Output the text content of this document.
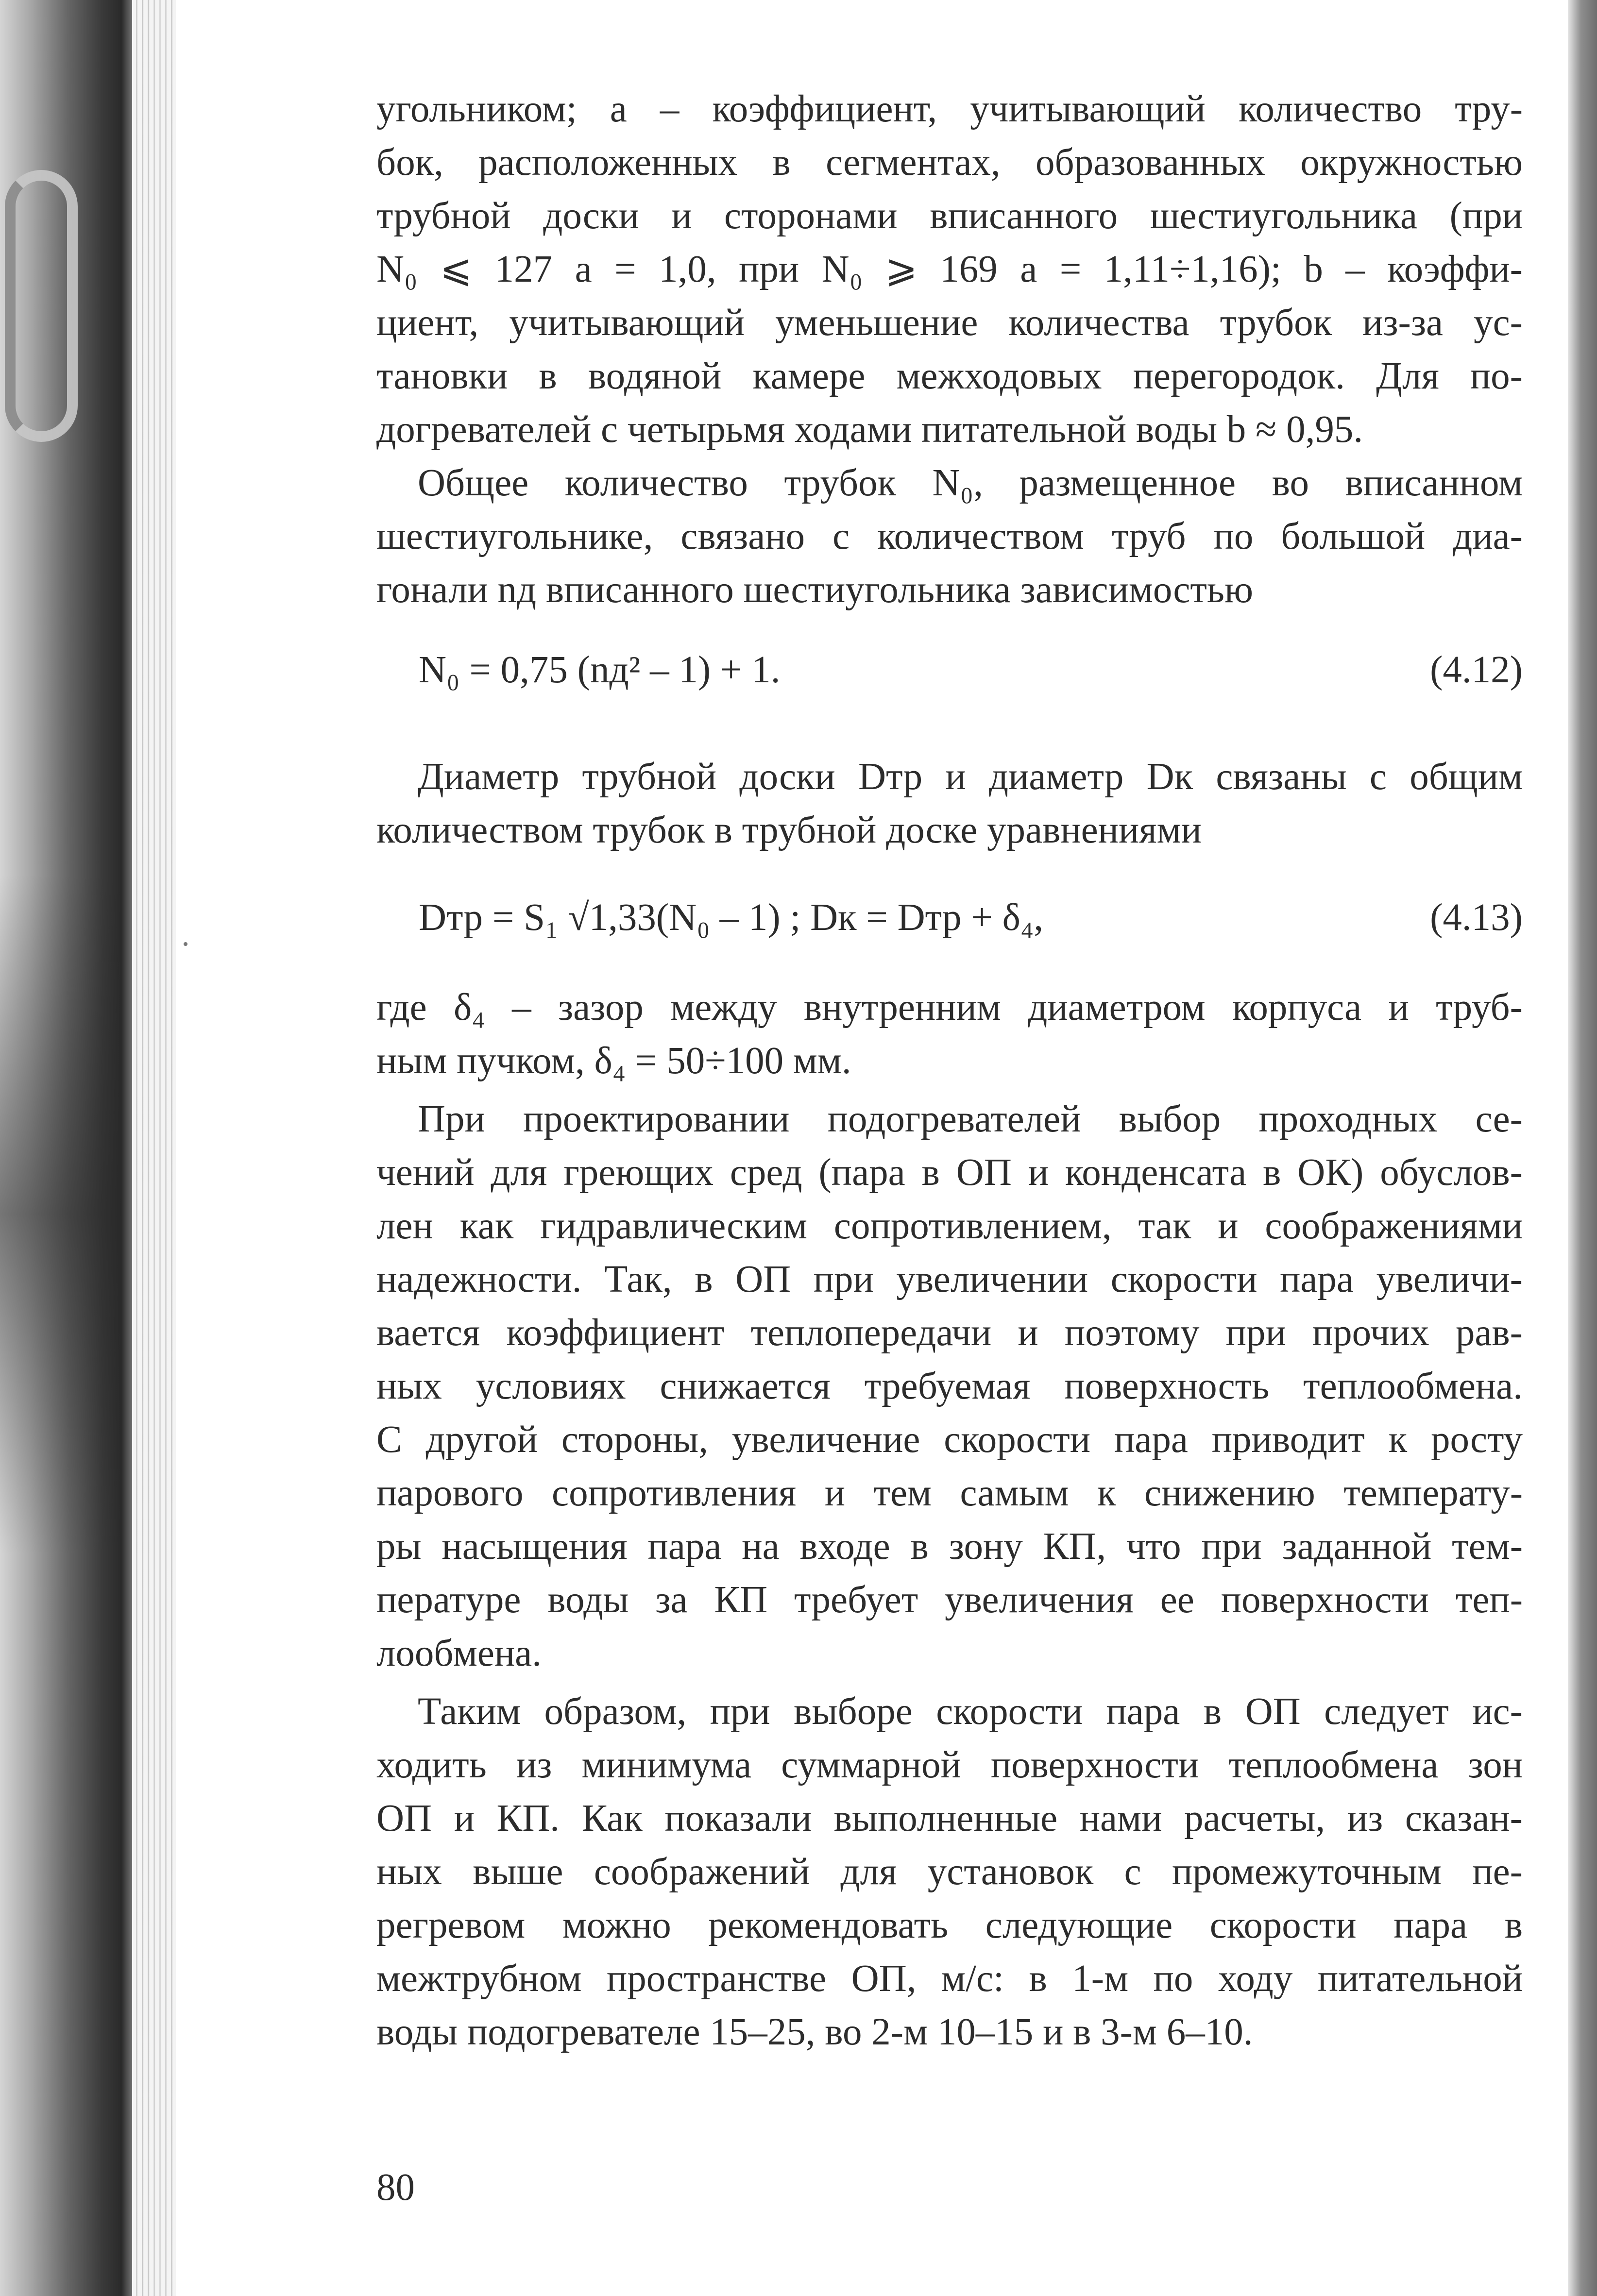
угольником; a – коэффициент, учитывающий количество тру-
бок, расположенных в сегментах, образованных окружностью
трубной доски и сторонами вписанного шестиугольника (при
N₀ ⩽ 127 a = 1,0, при N₀ ⩾ 169 a = 1,11÷1,16); b – коэффи-
циент, учитывающий уменьшение количества трубок из-за ус-
тановки в водяной камере межходовых перегородок. Для по-
догревателей с четырьмя ходами питательной воды b ≈ 0,95.
Общее количество трубок N₀, размещенное во вписанном
шестиугольнике, связано с количеством труб по большой диа-
гонали nд вписанного шестиугольника зависимостью
N₀ = 0,75 (nд² – 1) + 1.	(4.12)
Диаметр трубной доски Dтр и диаметр Dк связаны с общим
количеством трубок в трубной доске уравнениями
Dтр = S₁ √1,33(N₀ – 1) ; Dк = Dтр + δ₄,	(4.13)
где δ₄ – зазор между внутренним диаметром корпуса и труб-
ным пучком, δ₄ = 50÷100 мм.
При проектировании подогревателей выбор проходных се-
чений для греющих сред (пара в ОП и конденсата в ОК) обуслов-
лен как гидравлическим сопротивлением, так и соображениями
надежности. Так, в ОП при увеличении скорости пара увеличи-
вается коэффициент теплопередачи и поэтому при прочих рав-
ных условиях снижается требуемая поверхность теплообмена.
С другой стороны, увеличение скорости пара приводит к росту
парового сопротивления и тем самым к снижению температу-
ры насыщения пара на входе в зону КП, что при заданной тем-
пературе воды за КП требует увеличения ее поверхности теп-
лообмена.
Таким образом, при выборе скорости пара в ОП следует ис-
ходить из минимума суммарной поверхности теплообмена зон
ОП и КП. Как показали выполненные нами расчеты, из сказан-
ных выше соображений для установок с промежуточным пе-
регревом можно рекомендовать следующие скорости пара в
межтрубном пространстве ОП, м/с: в 1-м по ходу питательной
воды подогревателе 15–25, во 2-м 10–15 и в 3-м 6–10.
80
